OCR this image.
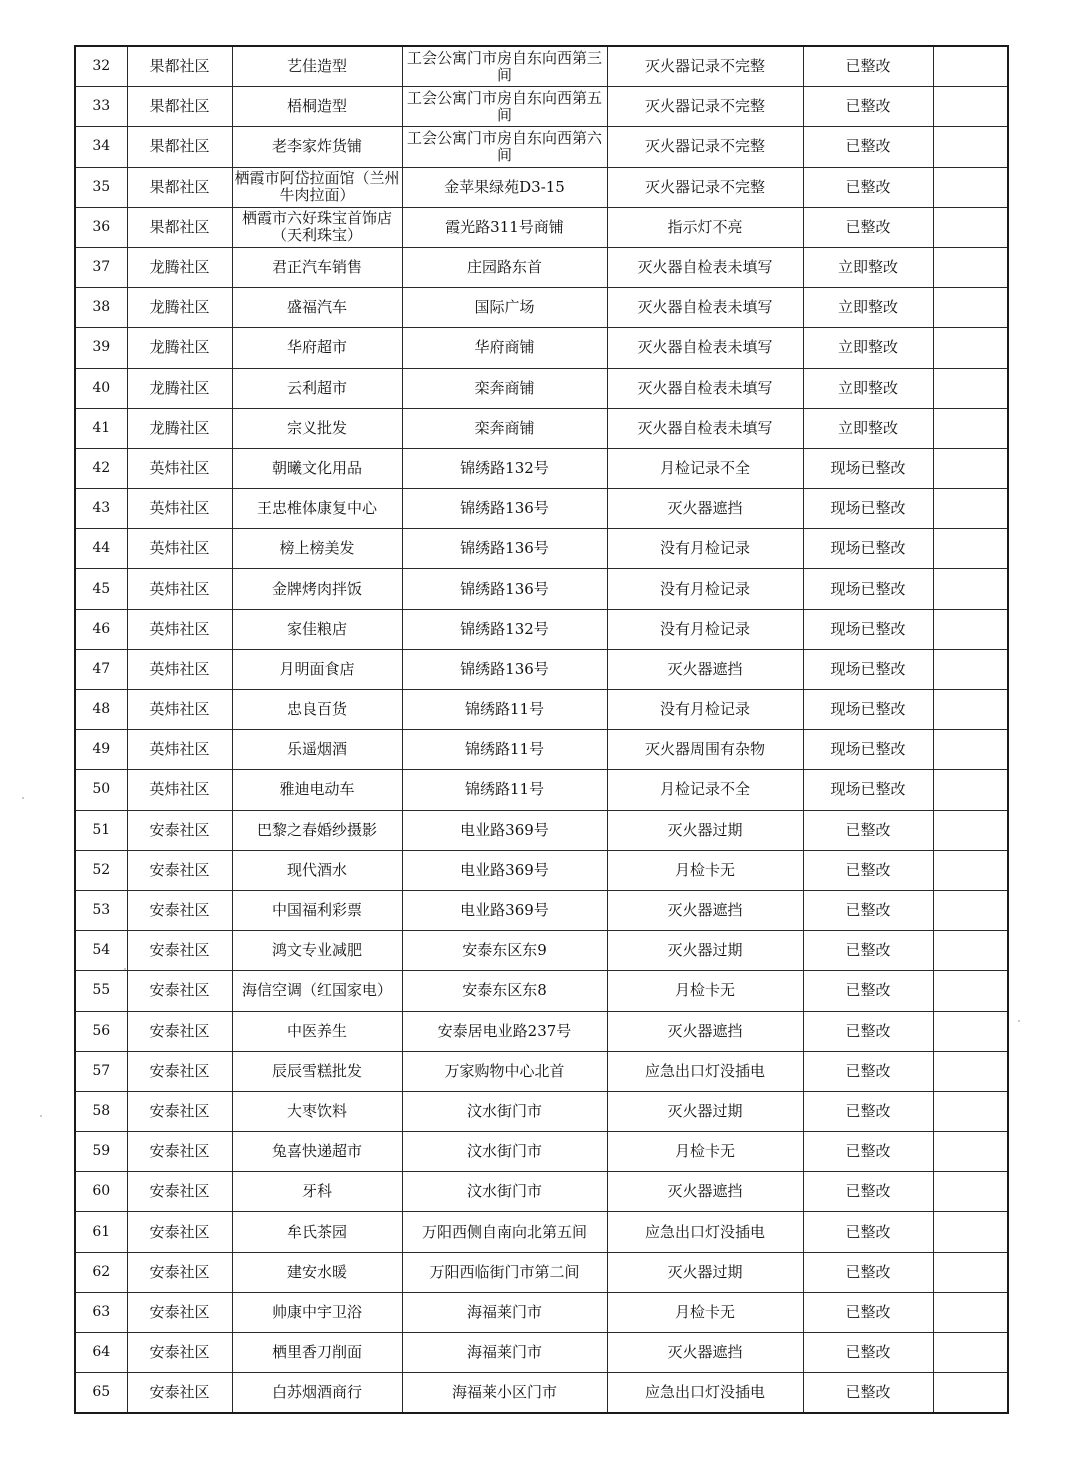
32	果都社区	艺佳造型	工会公寓门市房自东向西第三间	灭火器记录不完整	已整改	
33	果都社区	梧桐造型	工会公寓门市房自东向西第五间	灭火器记录不完整	已整改	
34	果都社区	老李家炸货铺	工会公寓门市房自东向西第六间	灭火器记录不完整	已整改	
35	果都社区	栖霞市阿岱拉面馆（兰州牛肉拉面）	金苹果绿苑D3-15	灭火器记录不完整	已整改	
36	果都社区	栖霞市六好珠宝首饰店（天利珠宝）	霞光路311号商铺	指示灯不亮	已整改	
37	龙腾社区	君正汽车销售	庄园路东首	灭火器自检表未填写	立即整改	
38	龙腾社区	盛福汽车	国际广场	灭火器自检表未填写	立即整改	
39	龙腾社区	华府超市	华府商铺	灭火器自检表未填写	立即整改	
40	龙腾社区	云利超市	栾奔商铺	灭火器自检表未填写	立即整改	
41	龙腾社区	宗义批发	栾奔商铺	灭火器自检表未填写	立即整改	
42	英炜社区	朝曦文化用品	锦绣路132号	月检记录不全	现场已整改	
43	英炜社区	王忠椎体康复中心	锦绣路136号	灭火器遮挡	现场已整改	
44	英炜社区	榜上榜美发	锦绣路136号	没有月检记录	现场已整改	
45	英炜社区	金牌烤肉拌饭	锦绣路136号	没有月检记录	现场已整改	
46	英炜社区	家佳粮店	锦绣路132号	没有月检记录	现场已整改	
47	英炜社区	月明面食店	锦绣路136号	灭火器遮挡	现场已整改	
48	英炜社区	忠良百货	锦绣路11号	没有月检记录	现场已整改	
49	英炜社区	乐遥烟酒	锦绣路11号	灭火器周围有杂物	现场已整改	
50	英炜社区	雅迪电动车	锦绣路11号	月检记录不全	现场已整改	
51	安泰社区	巴黎之春婚纱摄影	电业路369号	灭火器过期	已整改	
52	安泰社区	现代酒水	电业路369号	月检卡无	已整改	
53	安泰社区	中国福利彩票	电业路369号	灭火器遮挡	已整改	
54	安泰社区	鸿文专业减肥	安泰东区东9	灭火器过期	已整改	
55	安泰社区	海信空调（红国家电）	安泰东区东8	月检卡无	已整改	
56	安泰社区	中医养生	安泰居电业路237号	灭火器遮挡	已整改	
57	安泰社区	辰辰雪糕批发	万家购物中心北首	应急出口灯没插电	已整改	
58	安泰社区	大枣饮料	汶水街门市	灭火器过期	已整改	
59	安泰社区	兔喜快递超市	汶水街门市	月检卡无	已整改	
60	安泰社区	牙科	汶水街门市	灭火器遮挡	已整改	
61	安泰社区	牟氏茶园	万阳西侧自南向北第五间	应急出口灯没插电	已整改	
62	安泰社区	建安水暖	万阳西临街门市第二间	灭火器过期	已整改	
63	安泰社区	帅康中宇卫浴	海福莱门市	月检卡无	已整改	
64	安泰社区	栖里香刀削面	海福莱门市	灭火器遮挡	已整改	
65	安泰社区	白苏烟酒商行	海福莱小区门市	应急出口灯没插电	已整改	
